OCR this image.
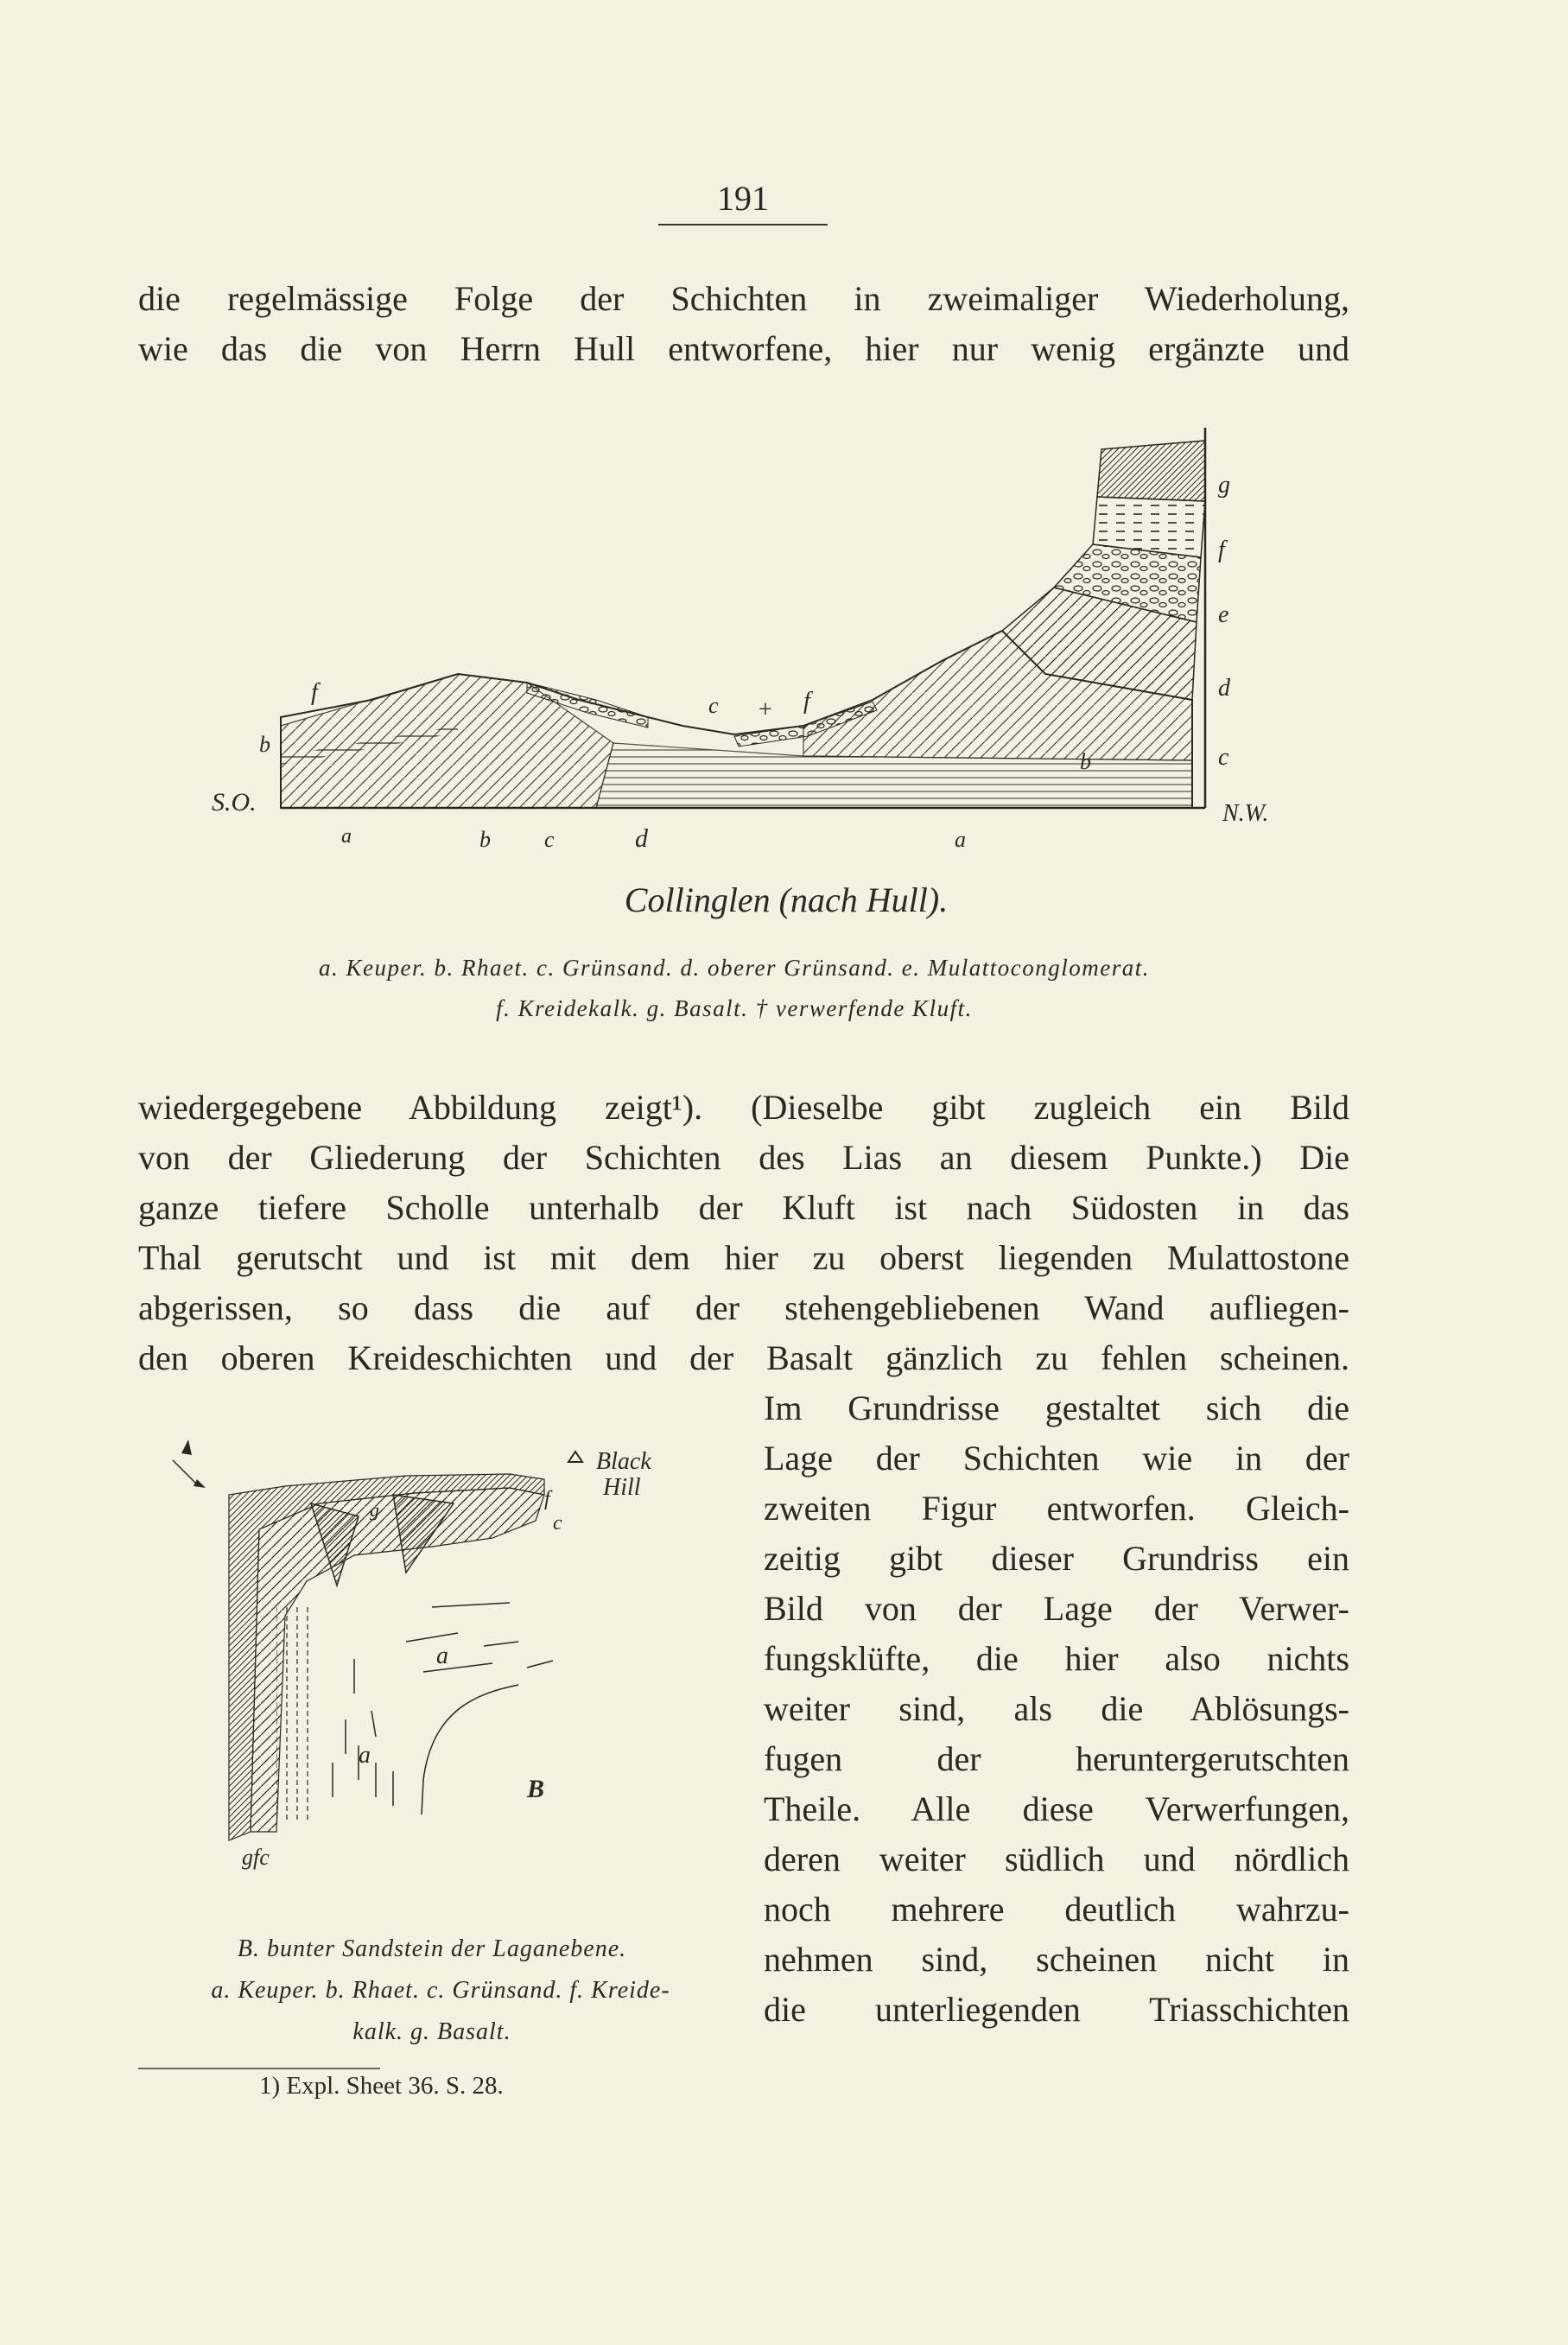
191
die regelmässige Folge der Schichten in zweimaliger Wiederholung,
wie das die von Herrn Hull entworfene, hier nur wenig ergänzte und
S.O.	N.W.
a	b c	d	a
b
f	c + f
b
g
f
e
d
c
Collinglen (nach Hull).
a. Keuper. b. Rhaet. c. Grünsand. d. oberer Grünsand. e. Mulattoconglomerat.
f. Kreidekalk. g. Basalt. † verwerfende Kluft.
wiedergegebene Abbildung zeigt¹). (Dieselbe gibt zugleich ein Bild
von der Gliederung der Schichten des Lias an diesem Punkte.) Die
ganze tiefere Scholle unterhalb der Kluft ist nach Südosten in das
Thal gerutscht und ist mit dem hier zu oberst liegenden Mulattostone
abgerissen, so dass die auf der stehengebliebenen Wand aufliegen-
den oberen Kreideschichten und der Basalt gänzlich zu fehlen scheinen.
Im Grundrisse gestaltet sich die
Lage der Schichten wie in der
zweiten Figur entworfen. Gleich-
zeitig gibt dieser Grundriss ein
Bild von der Lage der Verwer-
fungsklüfte, die hier also nichts
weiter sind, als die Ablösungs-
fugen der heruntergerutschten
Theile. Alle diese Verwerfungen,
deren weiter südlich und nördlich
noch mehrere deutlich wahrzu-
nehmen sind, scheinen nicht in
die unterliegenden Triasschichten
Black
Hill
g	f
c
a
a
B
gfc
B. bunter Sandstein der Laganebene.
a. Keuper. b. Rhaet. c. Grünsand. f. Kreide-
kalk. g. Basalt.
1) Expl. Sheet 36. S. 28.
